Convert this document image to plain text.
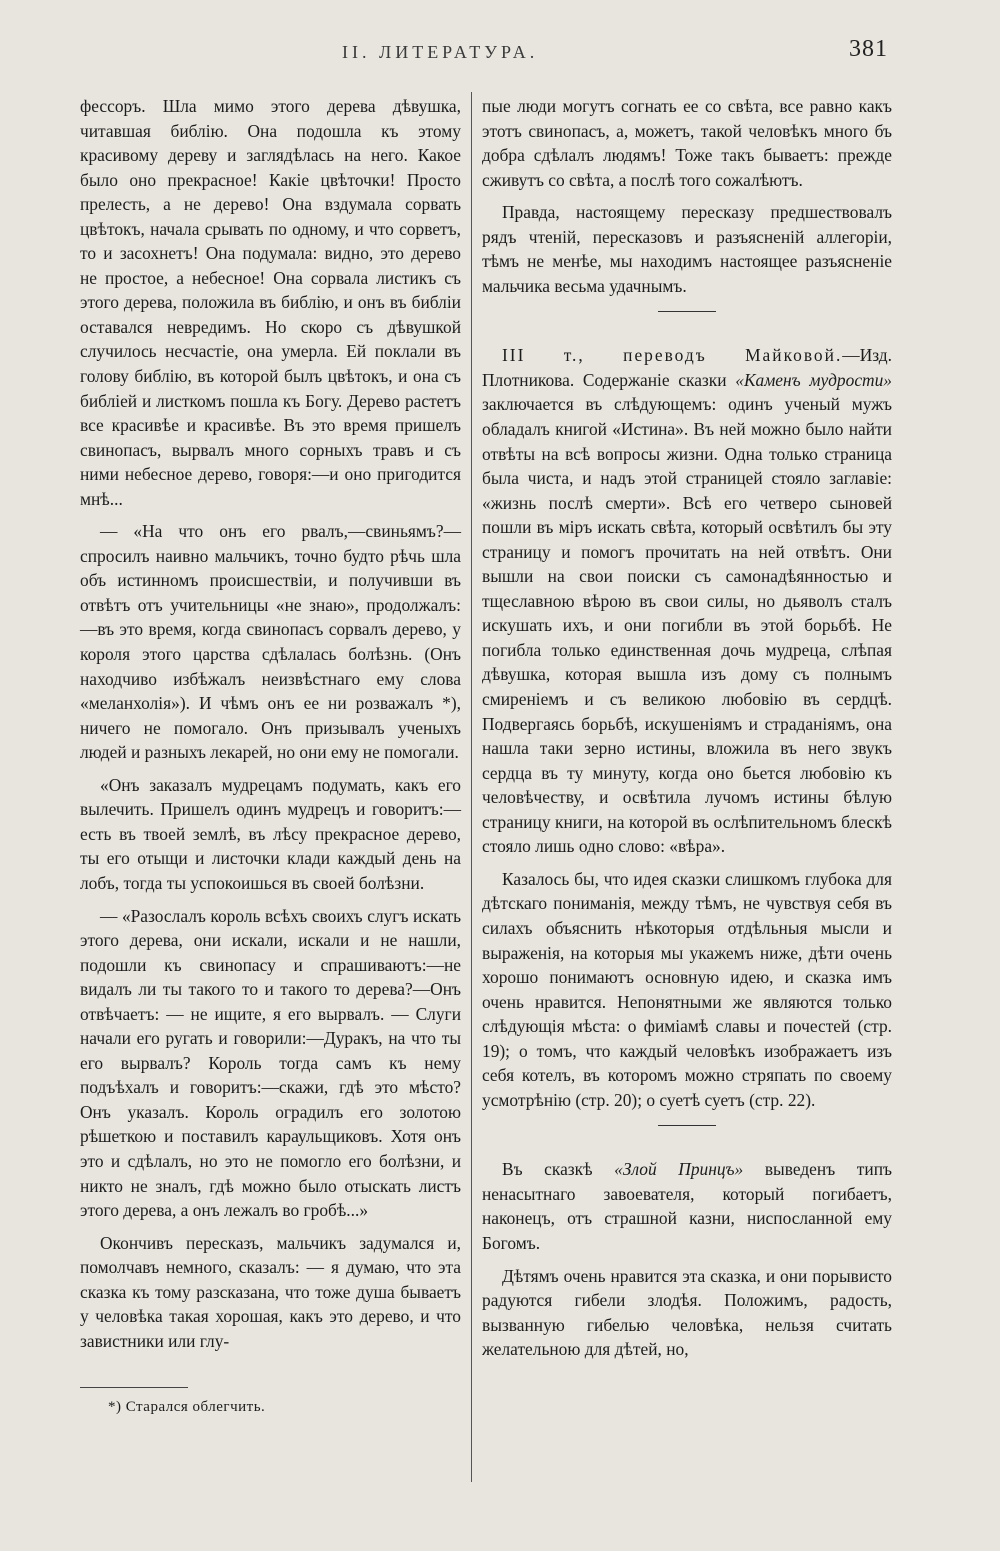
II. ЛИТЕРАТУРА.	381

фессоръ. Шла мимо этого дерева дѣвушка, читавшая библію. Она подошла къ этому красивому дереву и заглядѣлась на него. Какое было оно прекрасное! Какіе цвѣточки! Просто прелесть, а не дерево! Она вздумала сорвать цвѣтокъ, начала срывать по одному, и что сорветъ, то и засохнетъ! Она подумала: видно, это дерево не простое, а небесное! Она сорвала листикъ съ этого дерева, положила въ библію, и онъ въ библіи оставался невредимъ. Но скоро съ дѣвушкой случилось несчастіе, она умерла. Ей поклали въ голову библію, въ которой былъ цвѣтокъ, и она съ библіей и листкомъ пошла къ Богу. Дерево растетъ все красивѣе и красивѣе. Въ это время пришелъ свинопасъ, вырвалъ много сорныхъ травъ и съ ними небесное дерево, говоря:—и оно пригодится мнѣ...

— «На что онъ его рвалъ,—свиньямъ?— спросилъ наивно мальчикъ, точно будто рѣчь шла объ истинномъ происшествіи, и получивши въ отвѣтъ отъ учительницы «не знаю», продолжалъ:—въ это время, когда свинопасъ сорвалъ дерево, у короля этого царства сдѣлалась болѣзнь. (Онъ находчиво избѣжалъ неизвѣстнаго ему слова «меланхолія»). И чѣмъ онъ ее ни розважалъ *), ничего не помогало. Онъ призывалъ ученыхъ людей и разныхъ лекарей, но они ему не помогали.

«Онъ заказалъ мудрецамъ подумать, какъ его вылечить. Пришелъ одинъ мудрецъ и говоритъ:—есть въ твоей землѣ, въ лѣсу прекрасное дерево, ты его отыщи и листочки клади каждый день на лобъ, тогда ты успокоишься въ своей болѣзни.

— «Разослалъ король всѣхъ своихъ слугъ искать этого дерева, они искали, искали и не нашли, подошли къ свинопасу и спрашиваютъ:—не видалъ ли ты такого то и такого то дерева?—Онъ отвѣчаетъ: — не ищите, я его вырвалъ. — Слуги начали его ругать и говорили:—Дуракъ, на что ты его вырвалъ? Король тогда самъ къ нему подъѣхалъ и говоритъ:—скажи, гдѣ это мѣсто? Онъ указалъ. Король оградилъ его золотою рѣшеткою и поставилъ караульщиковъ. Хотя онъ это и сдѣлалъ, но это не помогло его болѣзни, и никто не зналъ, гдѣ можно было отыскать листъ этого дерева, а онъ лежалъ во гробѣ...»

Окончивъ пересказъ, мальчикъ задумался и, помолчавъ немного, сказалъ: — я думаю, что эта сказка къ тому разсказана, что тоже душа бываетъ у человѣка такая хорошая, какъ это дерево, и что завистники или глу-

*) Старался облегчить.

пые люди могутъ согнать ее со свѣта, все равно какъ этотъ свинопасъ, а, можетъ, такой человѣкъ много бъ добра сдѣлалъ людямъ! Тоже такъ бываетъ: прежде сживутъ со свѣта, а послѣ того сожалѣютъ.

Правда, настоящему пересказу предшествовалъ рядъ чтеній, пересказовъ и разъясненій аллегоріи, тѣмъ не менѣе, мы находимъ настоящее разъясненіе мальчика весьма удачнымъ.

III т., переводъ Майковой.—Изд. Плотникова. Содержаніе сказки «Каменъ мудрости» заключается въ слѣдующемъ: одинъ ученый мужъ обладалъ книгой «Истина». Въ ней можно было найти отвѣты на всѣ вопросы жизни. Одна только страница была чиста, и надъ этой страницей стояло заглавіе: «жизнь послѣ смерти». Всѣ его четверо сыновей пошли въ міръ искать свѣта, который освѣтилъ бы эту страницу и помогъ прочитать на ней отвѣтъ. Они вышли на свои поиски съ самонадѣянностью и тщеславною вѣрою въ свои силы, но дьяволъ сталъ искушать ихъ, и они погибли въ этой борьбѣ. Не погибла только единственная дочь мудреца, слѣпая дѣвушка, которая вышла изъ дому съ полнымъ смиреніемъ и съ великою любовію въ сердцѣ. Подвергаясь борьбѣ, искушеніямъ и страданіямъ, она нашла таки зерно истины, вложила въ него звукъ сердца въ ту минуту, когда оно бьется любовію къ человѣчеству, и освѣтила лучомъ истины бѣлую страницу книги, на которой въ ослѣпительномъ блескѣ стояло лишь одно слово: «вѣра».

Казалось бы, что идея сказки слишкомъ глубока для дѣтскаго пониманія, между тѣмъ, не чувствуя себя въ силахъ объяснить нѣкоторыя отдѣльныя мысли и выраженія, на которыя мы укажемъ ниже, дѣти очень хорошо понимаютъ основную идею, и сказка имъ очень нравится. Непонятными же являются только слѣдующія мѣста: о фиміамѣ славы и почестей (стр. 19); о томъ, что каждый человѣкъ изображаетъ изъ себя котелъ, въ которомъ можно стряпать по своему усмотрѣнію (стр. 20); о суетѣ суетъ (стр. 22).

Въ сказкѣ «Злой Принцъ» выведенъ типъ ненасытнаго завоевателя, который погибаетъ, наконецъ, отъ страшной казни, ниспосланной ему Богомъ.

Дѣтямъ очень нравится эта сказка, и они порывисто радуются гибели злодѣя. Положимъ, радость, вызванную гибелью человѣка, нельзя считать желательною для дѣтей, но,
